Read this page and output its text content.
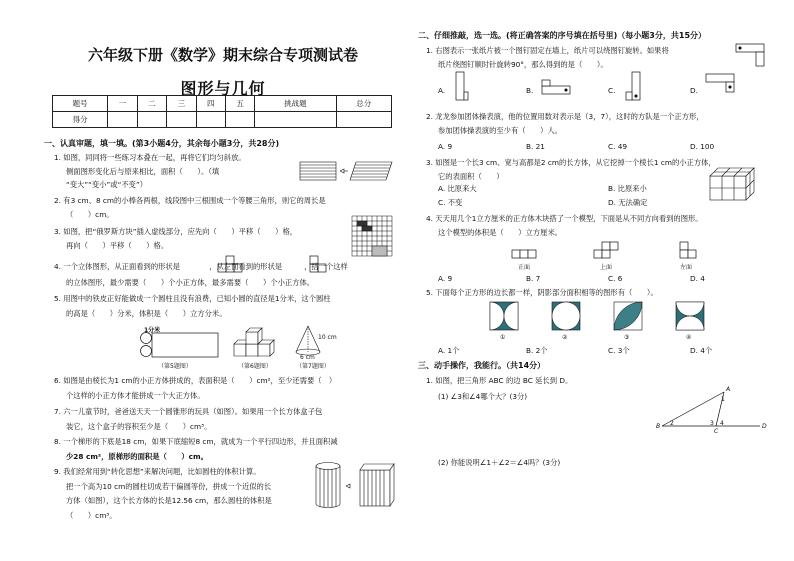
六年级下册《数学》期末综合专项测试卷
图形与几何
题号	一	二	三	四	五	挑战题	总分
得分							
一、认真审题，填一填。(第3小题4分，其余每小题3分，共28分)
1. 如图，同同将一些练习本叠在一起，再将它们均匀斜放。
侧面图形变化后与原来相比，面积（　　）。（填
“变大”“变小”或“不变”）
2. 有3 cm、8 cm的小棒各两根，线段图中三根围成一个等腰三角形，则它的周长是
（　　）cm。
3. 如图，把“俄罗斯方块”插入虚线部分，应先向（　　）平移（　　）格，
再向（　　）平移（　　）格。
4. 一个立体图形，从正面看到的形状是　　　　，从左面看到的形状是　　　，搭一个这样
的立体图形，最少需要（　　）个小正方体，最多需要（　　）个小正方体。
5. 用图中的铁皮正好能做成一个圆柱且没有浪费，已知小圆的直径是1分米，这个圆柱
的高是（　　）分米，体积是（　　）立方分米。
1分米
（第5题图）	（第6题图）
10 cm
6 cm
（第7题图）
6. 如图是由棱长为1 cm的小正方体拼成的，表面积是（　　）cm²，至少还需要（　）
个这样的小正方体才能拼成一个大正方体。
7. 六一儿童节时，爸爸送天天一个圆锥形的玩具（如图）。如果用一个长方体盒子包
装它，这个盒子的容积至少是（　　）cm³。
8. 一个梯形的下底是18 cm，如果下底缩短8 cm，就成为一个平行四边形，并且面积减
少28 cm²，原梯形的面积是（　　）cm。
9. 我们经常用到“转化思想”来解决问题，比如圆柱的体积计算。
把一个高为10 cm的圆柱切成若干偏圆等份，拼成一个近似的长
方体（如图），这个长方体的长是12.56 cm，那么圆柱的体积是
（　　）cm³。
二、仔细推敲，选一选。(将正确答案的序号填在括号里)（每小题3分，共15分）
1. 右图表示一张纸片被一个图钉固定在墙上，纸片可以绕图钉旋转。如果将
纸片绕图钉顺时针旋转90°，那么得到的是（　　）。
A.	B.	C.	D.
2. 龙龙参加团体操表演，他的位置用数对表示是（3，7），这时的方队是一个正方形，
参加团体操表演的至少有（　　）人。
A. 9	B. 21	C. 49	D. 100
3. 如图是一个长3 cm、宽与高都是2 cm的长方体，从它挖掉一个棱长1 cm的小正方体，
它的表面积（　　）
A. 比原来大	B. 比原来小
C. 不变	D. 无法确定
4. 天天用几个1立方厘米的正方体木块搭了一个模型，下面是从不同方向看到的图形。
这个模型的体积是（　　）立方厘米。
正面	上面	左面
A. 9	B. 7	C. 6	D. 4
5. 下面每个正方形的边长都一样，阴影部分面积相等的图形有（　　）。
①	②	③	④
A. 1个	B. 2个	C. 3个	D. 4个
三、动手操作，我能行。（共14分）
1. 如图，把三角形 ABC 的边 BC 延长到 D。
(1) ∠3和∠4哪个大？(3分)
A
B
C
D
1
2	3 4
(2) 你能说明∠1＋∠2＝∠4吗？(3分)
